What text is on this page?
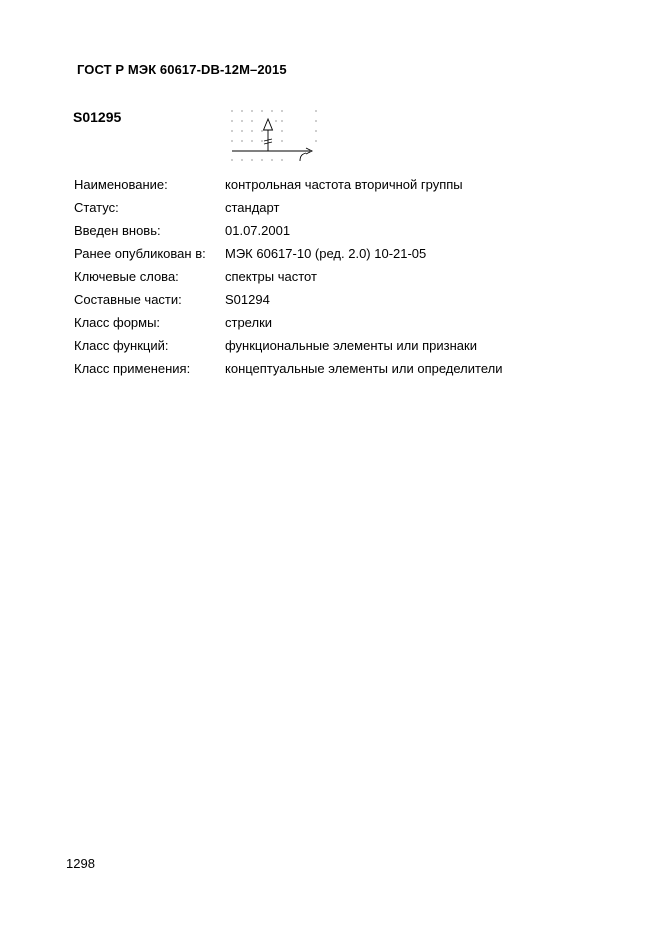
ГОСТ Р МЭК 60617-DB-12M–2015
S01295
Наименование:	контрольная частота вторичной группы
Статус:	стандарт
Введен вновь:	01.07.2001
Ранее опубликован в:	МЭК 60617-10 (ред. 2.0) 10-21-05
Ключевые слова:	спектры частот
Составные части:	S01294
Класс формы:	стрелки
Класс функций:	функциональные элементы или признаки
Класс применения:	концептуальные элементы или определители
1298
